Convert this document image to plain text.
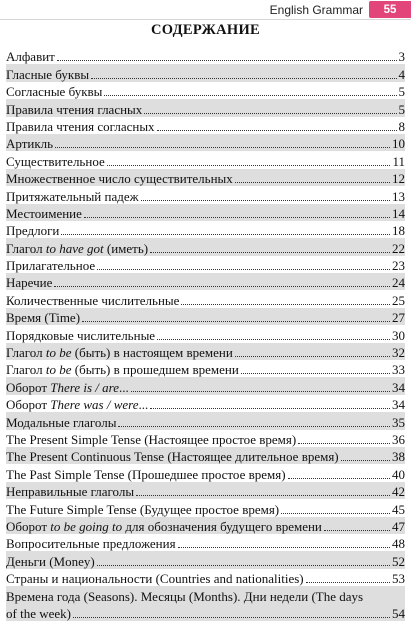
English Grammar	55
СОДЕРЖАНИЕ
Алфавит	3
Гласные буквы	4
Согласные буквы	5
Правила чтения гласных	5
Правила чтения согласных	8
Артикль	10
Существительное	11
Множественное число существительных	12
Притяжательный падеж	13
Местоимение	14
Предлоги	18
Глагол to have got (иметь)	22
Прилагательное	23
Наречие	24
Количественные числительные	25
Время (Time)	27
Порядковые числительные	30
Глагол to be (быть) в настоящем времени	32
Глагол to be (быть) в прошедшем времени	33
Оборот There is / are...	34
Оборот There was / were...	34
Модальные глаголы	35
The Present Simple Tense (Настоящее простое время)	36
The Present Continuous Tense (Настоящее длительное время)	38
The Past Simple Tense (Прошедшее простое время)	40
Неправильные глаголы	42
The Future Simple Tense (Будущее простое время)	45
Оборот to be going to для обозначения будущего времени	47
Вопросительные предложения	48
Деньги (Money)	52
Страны и национальности (Countries and nationalities)	53
Времена года (Seasons). Месяцы (Months). Дни недели (The days
of the week)	54
